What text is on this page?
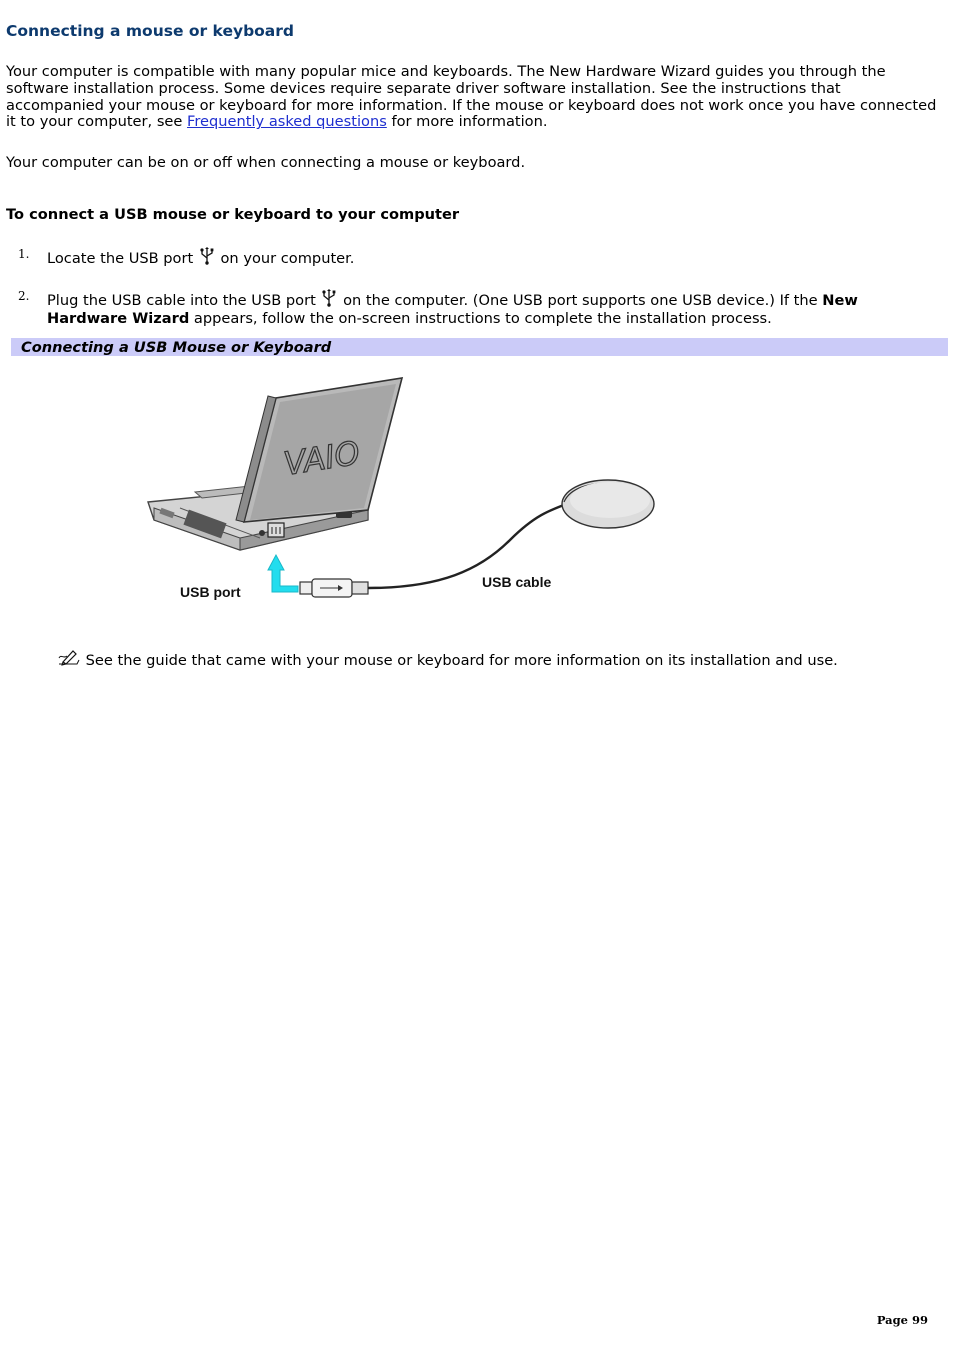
Connecting a mouse or keyboard

Your computer is compatible with many popular mice and keyboards. The New Hardware Wizard guides you through the software installation process. Some devices require separate driver software installation. See the instructions that accompanied your mouse or keyboard for more information. If the mouse or keyboard does not work once you have connected it to your computer, see Frequently asked questions for more information.

Your computer can be on or off when connecting a mouse or keyboard.

To connect a USB mouse or keyboard to your computer

1. Locate the USB port  on your computer.
2. Plug the USB cable into the USB port  on the computer. (One USB port supports one USB device.) If the New Hardware Wizard appears, follow the on-screen instructions to complete the installation process.
Connecting a USB Mouse or Keyboard
VAIO
USB port
USB cable
See the guide that came with your mouse or keyboard for more information on its installation and use.
Page 99
